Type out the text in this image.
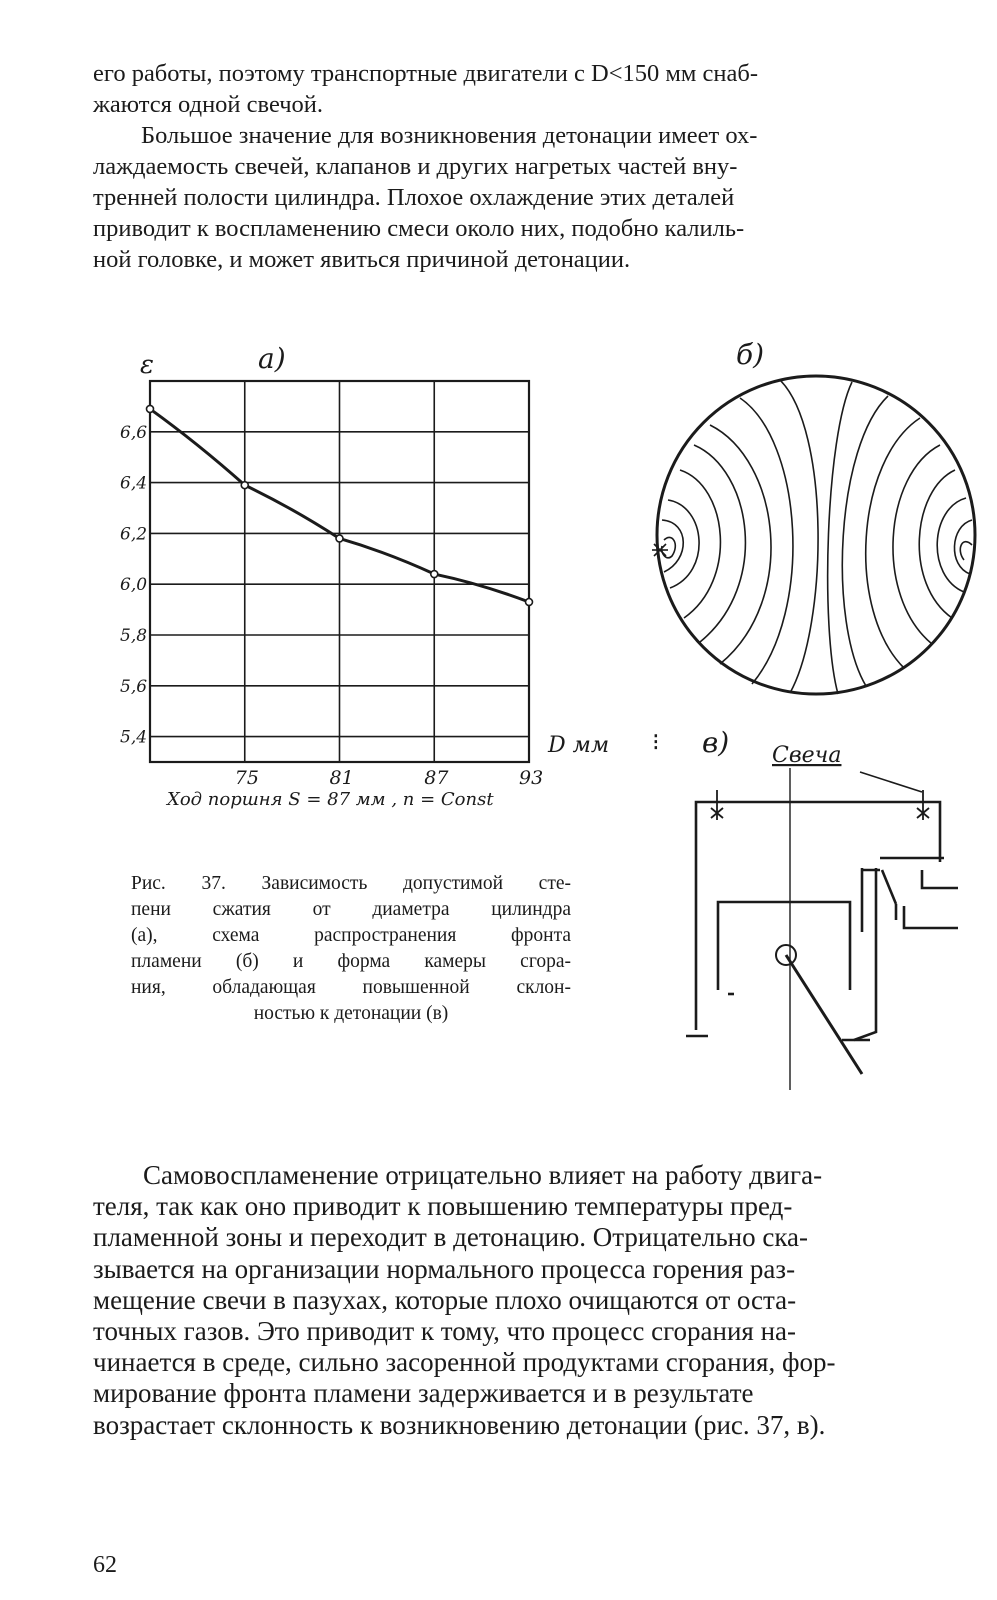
его работы, поэтому транспортные двигатели с D<150 мм снаб-
жаются одной свечой.
Большое значение для возникновения детонации имеет ох-
лаждаемость свечей, клапанов и других нагретых частей вну-
тренней полости цилиндра. Плохое охлаждение этих деталей
приводит к воспламенению смеси около них, подобно калиль-
ной головке, и может явиться причиной детонации.
ε	а)
6,6
6,4
6,2
6,0
5,8
5,6
5,4
75	81	87	93
D мм
Ход поршня S = 87 мм , n = Const
б)
⁝ в) Свеча
Рис. 37. Зависимость допустимой сте-
пени сжатия от диаметра цилиндра
(а), схема распространения фронта
пламени (б) и форма камеры сгора-
ния, обладающая повышенной склон-
ностью к детонации (в)
Самовоспламенение отрицательно влияет на работу двига-
теля, так как оно приводит к повышению температуры пред-
пламенной зоны и переходит в детонацию. Отрицательно ска-
зывается на организации нормального процесса горения раз-
мещение свечи в пазухах, которые плохо очищаются от оста-
точных газов. Это приводит к тому, что процесс сгорания на-
чинается в среде, сильно засоренной продуктами сгорания, фор-
мирование фронта пламени задерживается и в результате
возрастает склонность к возникновению детонации (рис. 37, в).
62
